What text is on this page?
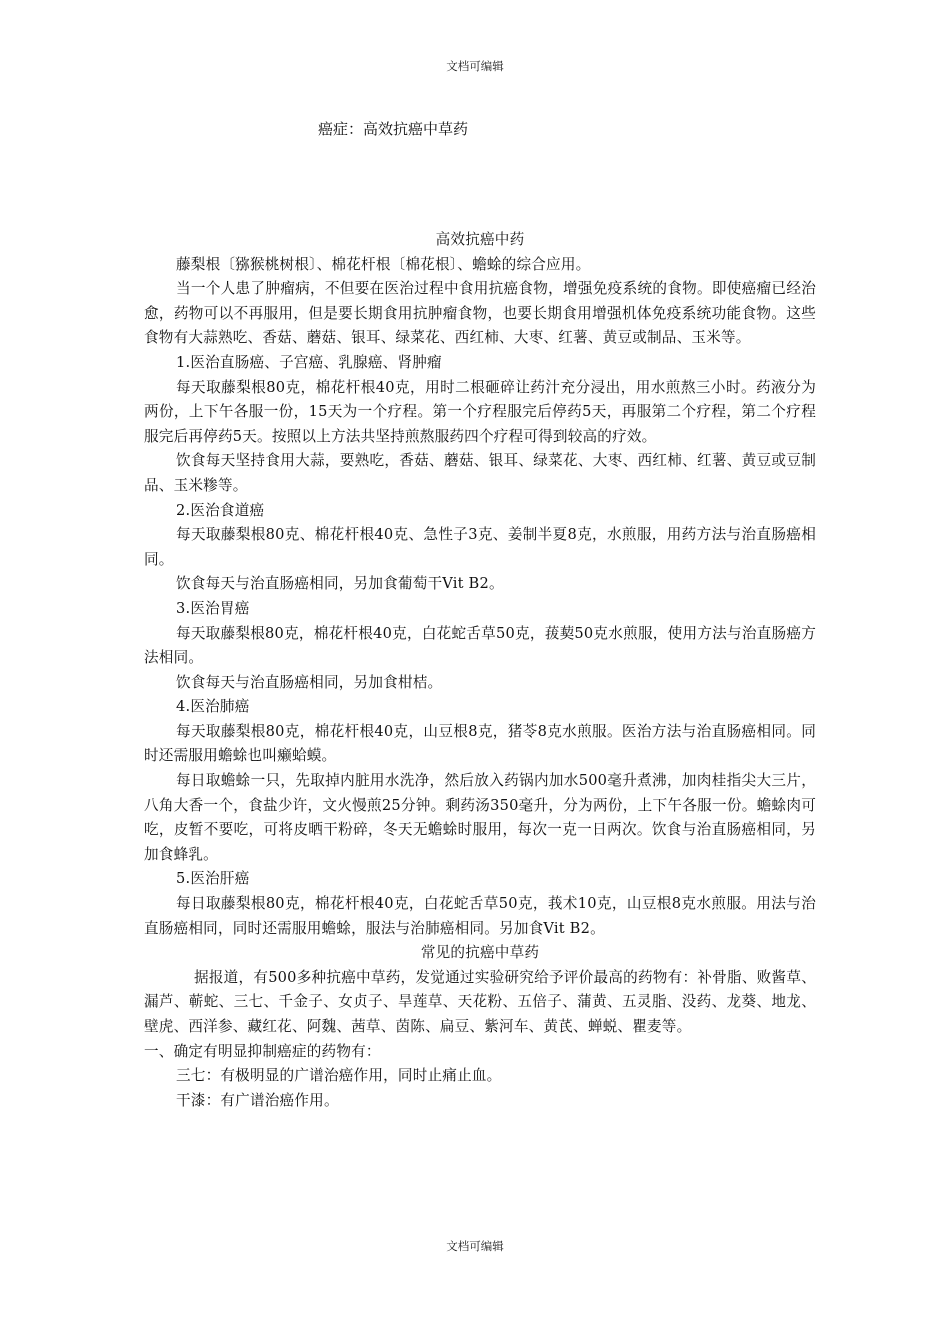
文档可编辑
癌症：高效抗癌中草药

高效抗癌中药

藤梨根〔猕猴桃树根〕、棉花杆根〔棉花根〕、蟾蜍的综合应用。

当一个人患了肿瘤病，不但要在医治过程中食用抗癌食物，增强免疫系统的食物。即使癌瘤已经治愈，药物可以不再服用，但是要长期食用抗肿瘤食物，也要长期食用增强机体免疫系统功能食物。这些食物有大蒜熟吃、香菇、蘑菇、银耳、绿菜花、西红柿、大枣、红薯、黄豆或制品、玉米等。

1.医治直肠癌、子宫癌、乳腺癌、肾肿瘤

每天取藤梨根80克，棉花杆根40克，用时二根砸碎让药汁充分浸出，用水煎熬三小时。药液分为两份，上下午各服一份，15天为一个疗程。第一个疗程服完后停药5天，再服第二个疗程，第二个疗程服完后再停药5天。按照以上方法共坚持煎熬服药四个疗程可得到较高的疗效。

饮食每天坚持食用大蒜，要熟吃，香菇、蘑菇、银耳、绿菜花、大枣、西红柿、红薯、黄豆或豆制品、玉米糁等。

2.医治食道癌

每天取藤梨根80克、棉花杆根40克、急性子3克、姜制半夏8克，水煎服，用药方法与治直肠癌相同。

饮食每天与治直肠癌相同，另加食葡萄干Vit B2。

3.医治胃癌

每天取藤梨根80克，棉花杆根40克，白花蛇舌草50克，菝葜50克水煎服，使用方法与治直肠癌方法相同。

饮食每天与治直肠癌相同，另加食柑桔。

4.医治肺癌

每天取藤梨根80克，棉花杆根40克，山豆根8克，猪苓8克水煎服。医治方法与治直肠癌相同。同时还需服用蟾蜍也叫癞蛤蟆。

每日取蟾蜍一只，先取掉内脏用水洗净，然后放入药锅内加水500毫升煮沸，加肉桂指尖大三片，八角大香一个，食盐少许，文火慢煎25分钟。剩药汤350毫升，分为两份，上下午各服一份。蟾蜍肉可吃，皮暂不要吃，可将皮晒干粉碎，冬天无蟾蜍时服用，每次一克一日两次。饮食与治直肠癌相同，另加食蜂乳。

5.医治肝癌

每日取藤梨根80克，棉花杆根40克，白花蛇舌草50克，莪术10克，山豆根8克水煎服。用法与治直肠癌相同，同时还需服用蟾蜍，服法与治肺癌相同。另加食Vit B2。

常见的抗癌中草药

据报道，有500多种抗癌中草药，发觉通过实验研究给予评价最高的药物有：补骨脂、败酱草、漏芦、蕲蛇、三七、千金子、女贞子、旱莲草、天花粉、五倍子、蒲黄、五灵脂、没药、龙葵、地龙、壁虎、西洋参、藏红花、阿魏、茜草、茵陈、扁豆、紫河车、黄芪、蝉蜕、瞿麦等。

一、确定有明显抑制癌症的药物有：

三七：有极明显的广谱治癌作用，同时止痛止血。

干漆：有广谱治癌作用。

文档可编辑
